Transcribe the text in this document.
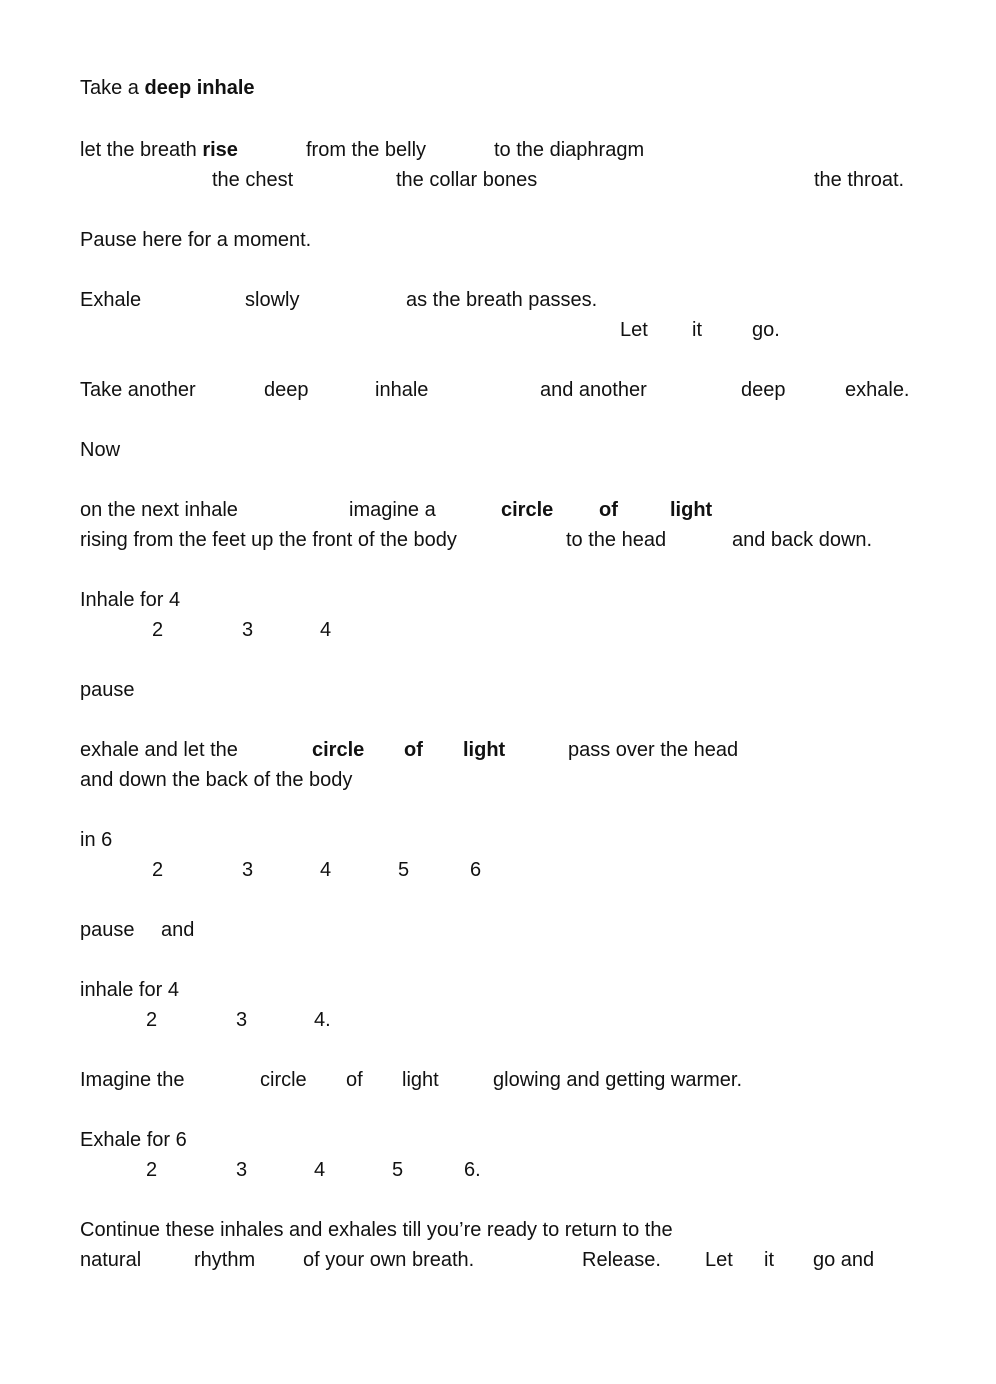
Take a deep inhale
let the breath rise	from the belly	to the diaphragm
the chest	the collar bones	the throat.
Pause here for a moment.
Exhale	slowly	as the breath passes.
Let it	go.
Take another	deep	inhale	and another	deep	exhale.
Now
on the next inhale	imagine a	circle of	light
rising from the feet up the front of the body	to the head	and back down.
Inhale for 4
2	3	4
pause
exhale and let the	circle of light	pass over the head
and down the back of the body
in 6
2	3	4	5	6
pause and
inhale for 4
2	3	4.
Imagine the	circle of light	glowing and getting warmer.
Exhale for 6
2	3	4	5	6.
Continue these inhales and exhales till you’re ready to return to the
natural	rhythm of your own breath.	Release. Let it go and
